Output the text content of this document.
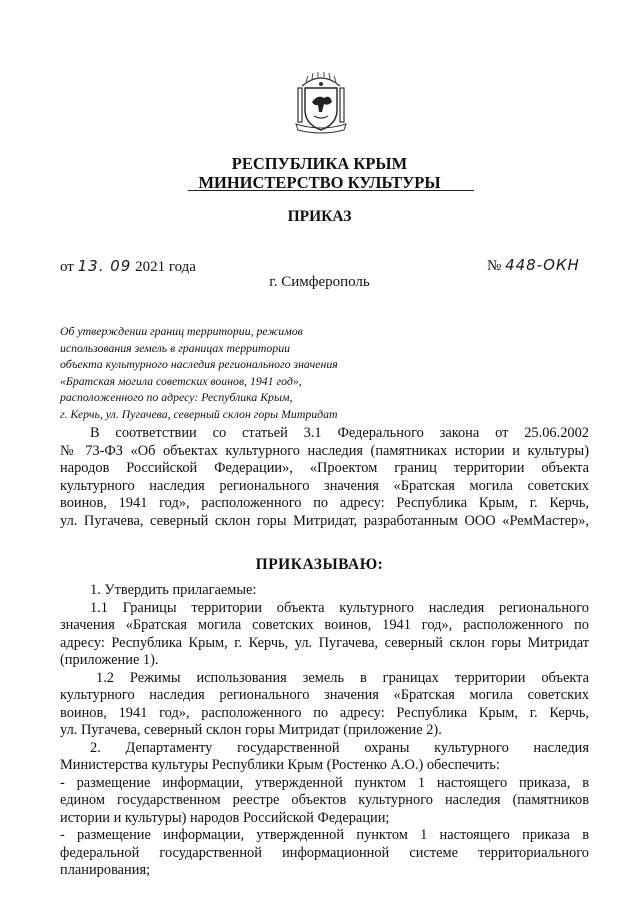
РЕСПУБЛИКА КРЫМ
МИНИСТЕРСТВО КУЛЬТУРЫ
ПРИКАЗ
от 13. 09 2021 года	№ 448-ОКН
г. Симферополь
Об утверждении границ территории, режимов
использования земель в границах территории
объекта культурного наследия регионального значения
«Братская могила советских воинов, 1941 год»,
расположенного по адресу: Республика Крым,
г. Керчь, ул. Пугачева, северный склон горы Митридат
В соответствии со статьей 3.1 Федерального закона от 25.06.2002
№ 73-ФЗ «Об объектах культурного наследия (памятниках истории и культуры)
народов Российской Федерации», «Проектом границ территории объекта
культурного наследия регионального значения «Братская могила советских
воинов, 1941 год», расположенного по адресу: Республика Крым, г. Керчь,
ул. Пугачева, северный склон горы Митридат, разработанным ООО «РемМастер»,
ПРИКАЗЫВАЮ:
1. Утвердить прилагаемые:
1.1 Границы территории объекта культурного наследия регионального
значения «Братская могила советских воинов, 1941 год», расположенного по
адресу: Республика Крым, г. Керчь, ул. Пугачева, северный склон горы Митридат
(приложение 1).
1.2 Режимы использования земель в границах территории объекта
культурного наследия регионального значения «Братская могила советских
воинов, 1941 год», расположенного по адресу: Республика Крым, г. Керчь,
ул. Пугачева, северный склон горы Митридат (приложение 2).
2. Департаменту государственной охраны культурного наследия
Министерства культуры Республики Крым (Ростенко А.О.) обеспечить:
- размещение информации, утвержденной пунктом 1 настоящего приказа, в
едином государственном реестре объектов культурного наследия (памятников
истории и культуры) народов Российской Федерации;
- размещение информации, утвержденной пунктом 1 настоящего приказа в
федеральной государственной информационной системе территориального
планирования;
